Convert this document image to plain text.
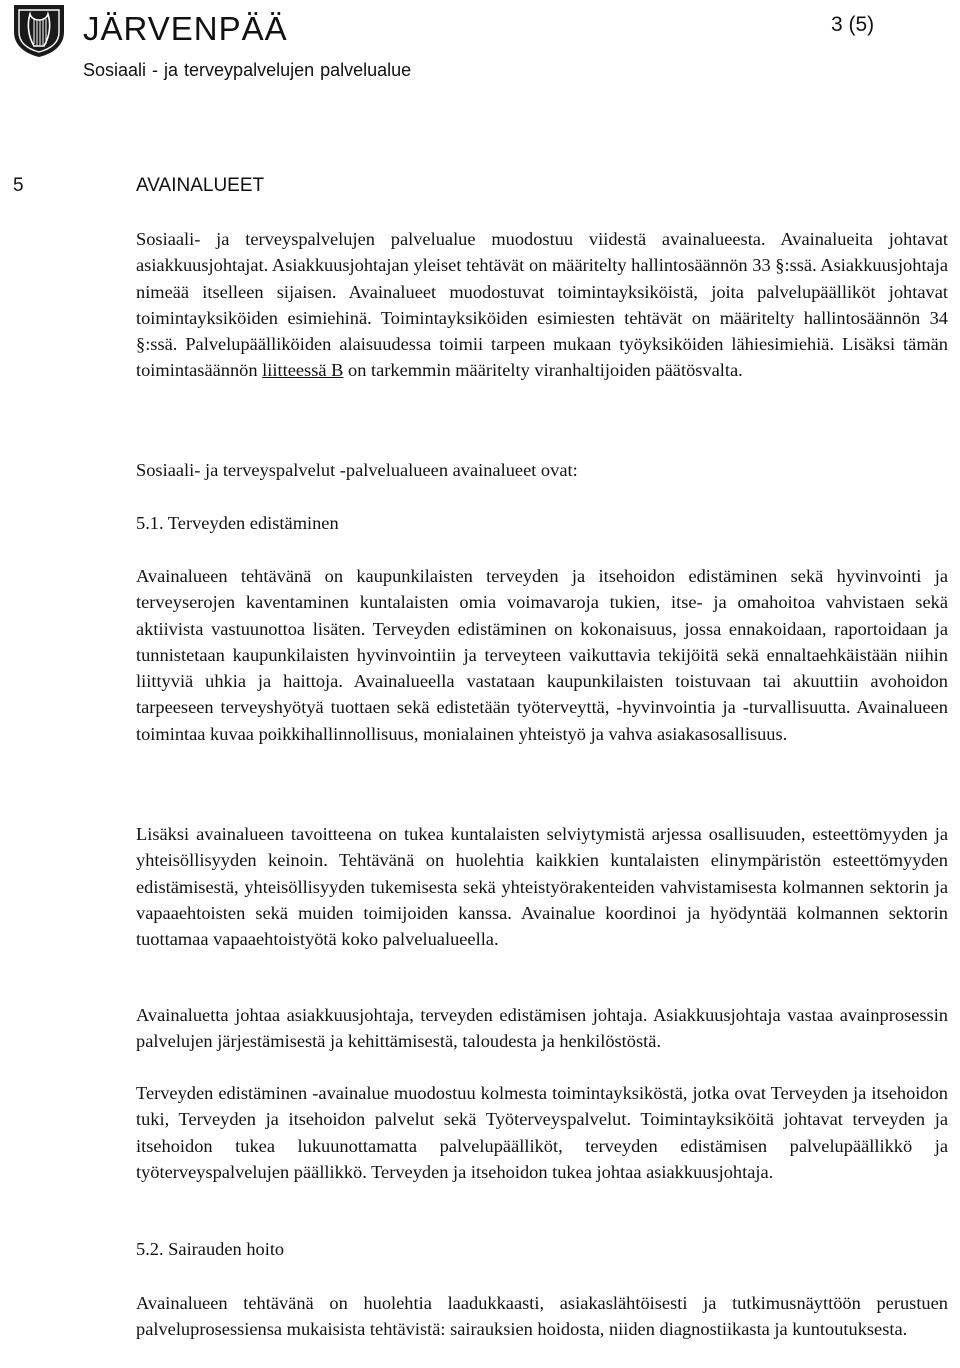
JÄRVENPÄÄ	3 (5)
Sosiaali - ja terveypalvelujen palvelualue
5	AVAINALUEET

Sosiaali- ja terveyspalvelujen palvelualue muodostuu viidestä avainalueesta. Avainalueita johtavat asiakkuusjohtajat. Asiakkuusjohtajan yleiset tehtävät on määritelty hallintosäännön 33 §:ssä. Asiakkuusjohtaja nimeää itselleen sijaisen. Avainalueet muodostuvat toimintayksiköistä, joita palvelupäälliköt johtavat toimintayksiköiden esimiehinä. Toimintayksiköiden esimiesten tehtävät on määritelty hallintosäännön 34 §:ssä. Palvelupäälliköiden alaisuudessa toimii tarpeen mukaan työyksiköiden lähiesimiehiä. Lisäksi tämän toimintasäännön liitteessä B on tarkemmin määritelty viranhaltijoiden päätösvalta.

Sosiaali- ja terveyspalvelut -palvelualueen avainalueet ovat:

5.1. Terveyden edistäminen

Avainalueen tehtävänä on kaupunkilaisten terveyden ja itsehoidon edistäminen sekä hyvinvointi ja terveyserojen kaventaminen kuntalaisten omia voimavaroja tukien, itse- ja omahoitoa vahvistaen sekä aktiivista vastuunottoa lisäten. Terveyden edistäminen on kokonaisuus, jossa ennakoidaan, raportoidaan ja tunnistetaan kaupunkilaisten hyvinvointiin ja terveyteen vaikuttavia tekijöitä sekä ennaltaehkäistään niihin liittyviä uhkia ja haittoja. Avainalueella vastataan kaupunkilaisten toistuvaan tai akuuttiin avohoidon tarpeeseen terveyshyötyä tuottaen sekä edistetään työterveyttä, -hyvinvointia ja -turvallisuutta. Avainalueen toimintaa kuvaa poikkihallinnollisuus, monialainen yhteistyö ja vahva asiakasosallisuus.

Lisäksi avainalueen tavoitteena on tukea kuntalaisten selviytymistä arjessa osallisuuden, esteettömyyden ja yhteisöllisyyden keinoin. Tehtävänä on huolehtia kaikkien kuntalaisten elinympäristön esteettömyyden edistämisestä, yhteisöllisyyden tukemisesta sekä yhteistyörakenteiden vahvistamisesta kolmannen sektorin ja vapaaehtoisten sekä muiden toimijoiden kanssa. Avainalue koordinoi ja hyödyntää kolmannen sektorin tuottamaa vapaaehtoistyötä koko palvelualueella.

Avainaluetta johtaa asiakkuusjohtaja, terveyden edistämisen johtaja. Asiakkuusjohtaja vastaa avainprosessin palvelujen järjestämisestä ja kehittämisestä, taloudesta ja henkilöstöstä.

Terveyden edistäminen -avainalue muodostuu kolmesta toimintayksiköstä, jotka ovat Terveyden ja itsehoidon tuki, Terveyden ja itsehoidon palvelut sekä Työterveyspalvelut. Toimintayksiköitä johtavat terveyden ja itsehoidon tukea lukuunottamatta palvelupäälliköt, terveyden edistämisen palvelupäällikkö ja työterveyspalvelujen päällikkö. Terveyden ja itsehoidon tukea johtaa asiakkuusjohtaja.

5.2. Sairauden hoito

Avainalueen tehtävänä on huolehtia laadukkaasti, asiakaslähtöisesti ja tutkimusnäyttöön perustuen palveluprosessiensa mukaisista tehtävistä: sairauksien hoidosta, niiden diagnostiikasta ja kuntoutuksesta.
